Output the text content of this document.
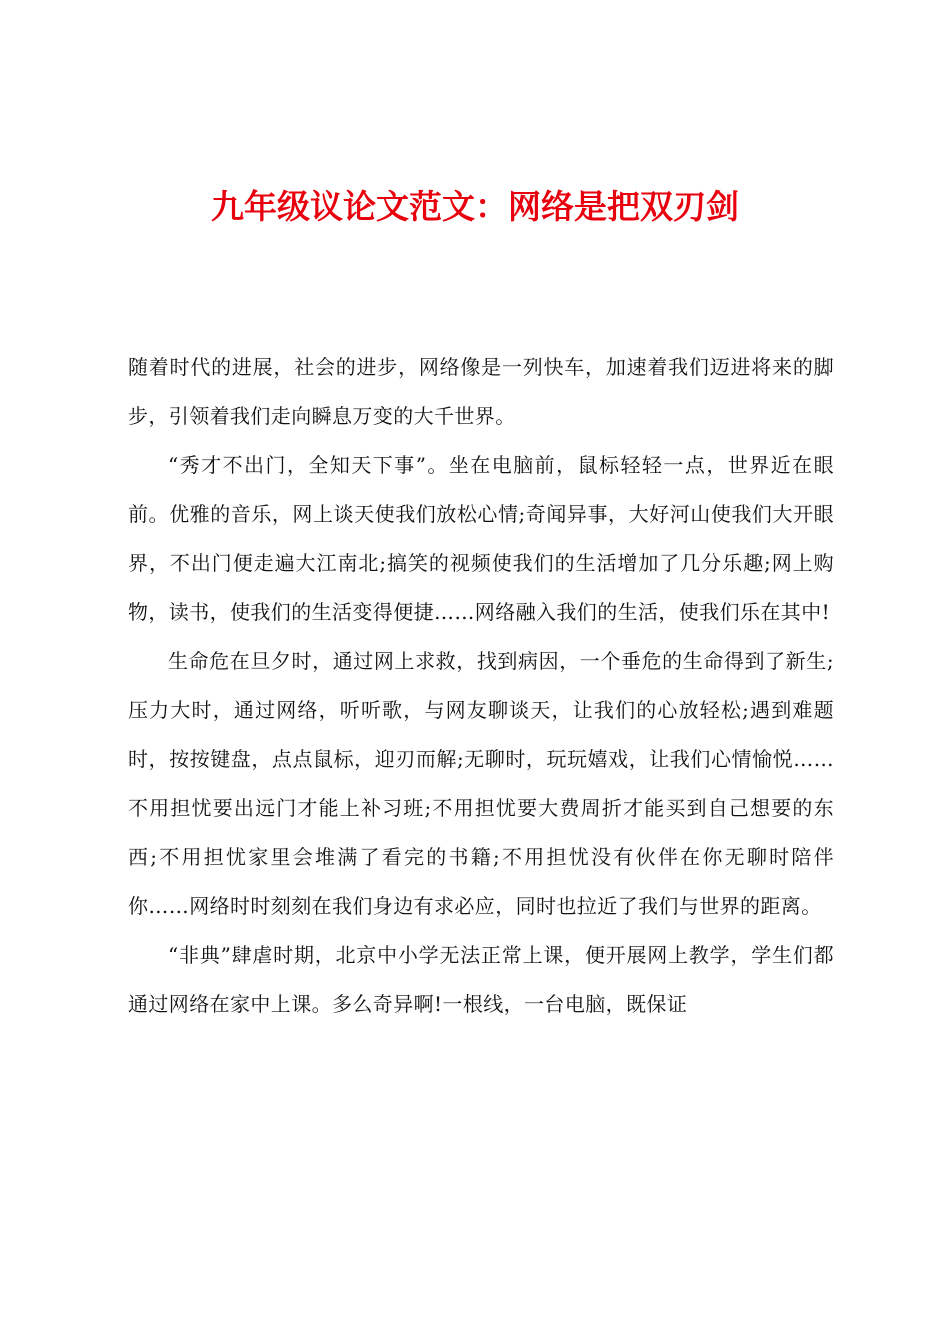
九年级议论文范文：网络是把双刃剑

随着时代的进展，社会的进步，网络像是一列快车，加速着我们迈进将来的脚步，引领着我们走向瞬息万变的大千世界。

“秀才不出门，全知天下事”。坐在电脑前，鼠标轻轻一点，世界近在眼前。优雅的音乐，网上谈天使我们放松心情;奇闻异事，大好河山使我们大开眼界，不出门便走遍大江南北;搞笑的视频使我们的生活增加了几分乐趣;网上购物，读书，使我们的生活变得便捷……网络融入我们的生活，使我们乐在其中!

生命危在旦夕时，通过网上求救，找到病因，一个垂危的生命得到了新生;压力大时，通过网络，听听歌，与网友聊谈天，让我们的心放轻松;遇到难题时，按按键盘，点点鼠标，迎刃而解;无聊时，玩玩嬉戏，让我们心情愉悦……不用担忧要出远门才能上补习班;不用担忧要大费周折才能买到自己想要的东西;不用担忧家里会堆满了看完的书籍;不用担忧没有伙伴在你无聊时陪伴你……网络时时刻刻在我们身边有求必应，同时也拉近了我们与世界的距离。

“非典”肆虐时期，北京中小学无法正常上课，便开展网上教学，学生们都通过网络在家中上课。多么奇异啊!一根线，一台电脑，既保证
